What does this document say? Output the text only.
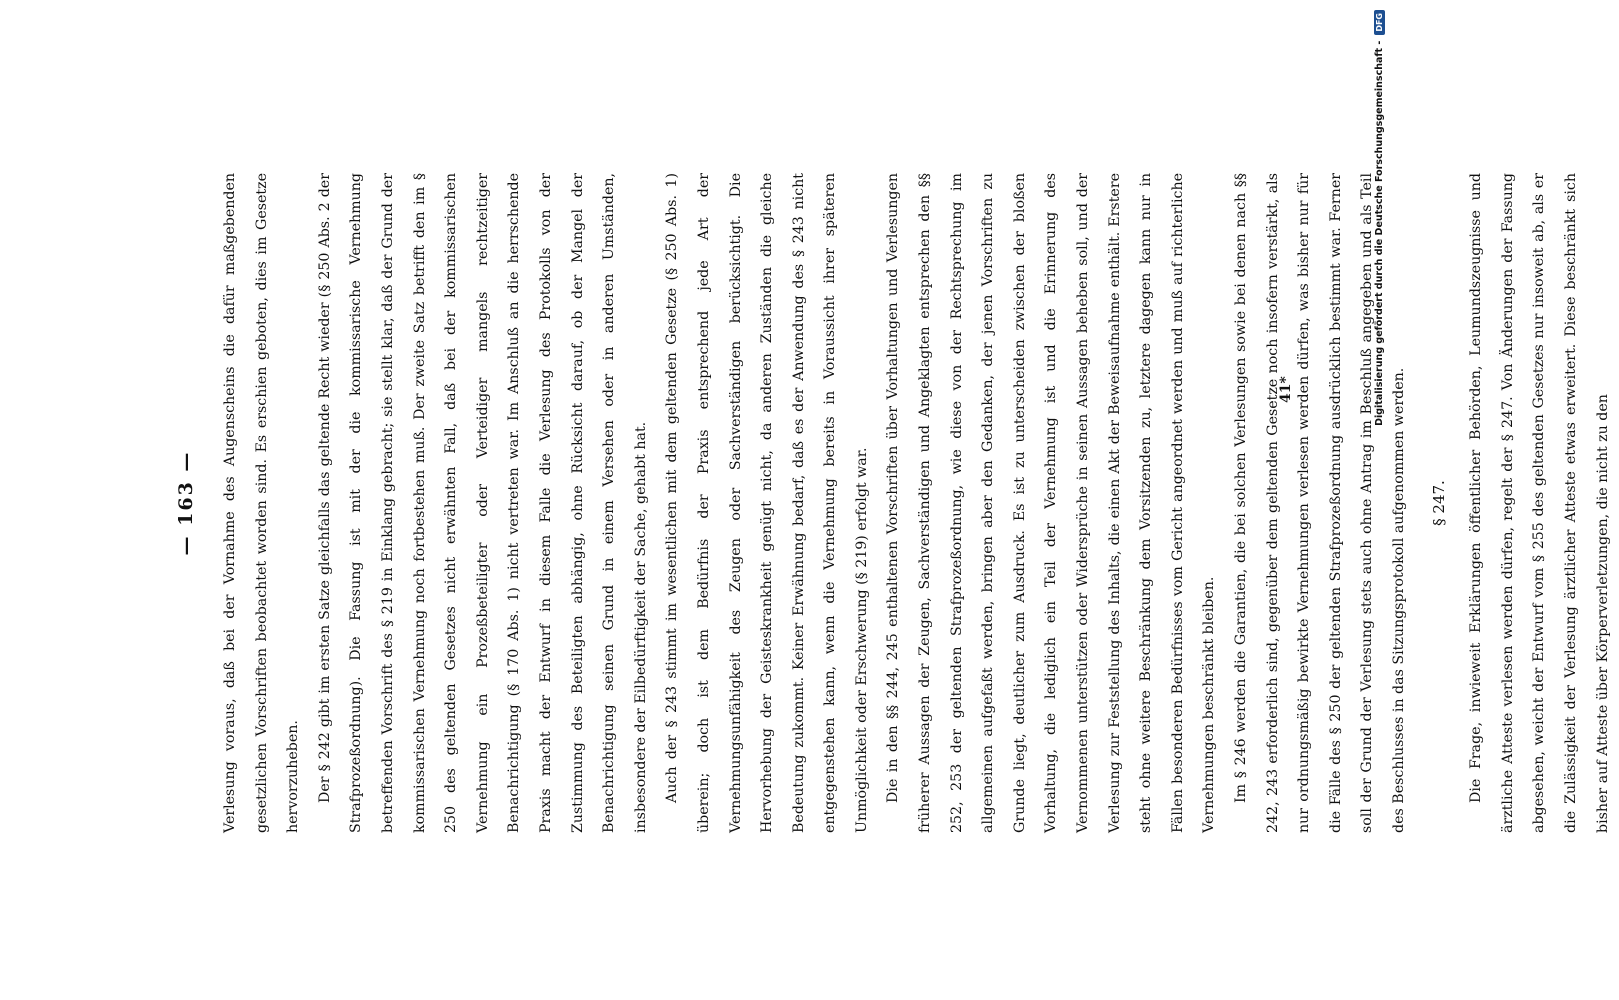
— 163 —	Verlesung voraus, daß bei der Vornahme des Augenscheins die dafür maßgebenden gesetzlichen Vorschriften beobachtet worden sind. Es erschien geboten, dies im Gesetze hervorzuheben.	Der § 242 gibt im ersten Satze gleichfalls das geltende Recht wieder (§ 250 Abs. 2 der Strafprozeßordnung). Die Fassung ist mit der die kommissarische Vernehmung betreffenden Vorschrift des § 219 in Einklang gebracht; sie stellt klar, daß der Grund der kommissarischen Vernehmung noch fortbestehen muß. Der zweite Satz betrifft den im § 250 des geltenden Gesetzes nicht erwähnten Fall, daß bei der kommissarischen Vernehmung ein Prozeßbeteiligter oder Verteidiger mangels rechtzeitiger Benachrichtigung (§ 170 Abs. 1) nicht vertreten war. Im Anschluß an die herrschende Praxis macht der Entwurf in diesem Falle die Verlesung des Protokolls von der Zustimmung des Beteiligten abhängig, ohne Rücksicht darauf, ob der Mangel der Benachrichtigung seinen Grund in einem Versehen oder in anderen Umständen, insbesondere der Eilbedürftigkeit der Sache, gehabt hat.	Auch der § 243 stimmt im wesentlichen mit dem geltenden Gesetze (§ 250 Abs. 1) überein; doch ist dem Bedürfnis der Praxis entsprechend jede Art der Vernehmungsunfähigkeit des Zeugen oder Sachverständigen berücksichtigt. Die Hervorhebung der Geisteskrankheit genügt nicht, da anderen Zuständen die gleiche Bedeutung zukommt. Keiner Erwähnung bedarf, daß es der Anwendung des § 243 nicht entgegenstehen kann, wenn die Vernehmung bereits in Voraussicht ihrer späteren Unmöglichkeit oder Erschwerung (§ 219) erfolgt war.	Die in den §§ 244, 245 enthaltenen Vorschriften über Vorhaltungen und Verlesungen früherer Aussagen der Zeugen, Sachverständigen und Angeklagten entsprechen den §§ 252, 253 der geltenden Strafprozeßordnung, wie diese von der Rechtsprechung im allgemeinen aufgefaßt werden, bringen aber den Gedanken, der jenen Vorschriften zu Grunde liegt, deutlicher zum Ausdruck. Es ist zu unterscheiden zwischen der bloßen Vorhaltung, die lediglich ein Teil der Vernehmung ist und die Erinnerung des Vernommenen unterstützen oder Widersprüche in seinen Aussagen beheben soll, und der Verlesung zur Feststellung des Inhalts, die einen Akt der Beweisaufnahme enthält. Erstere steht ohne weitere Beschränkung dem Vorsitzenden zu, letztere dagegen kann nur in Fällen besonderen Bedürfnisses vom Gericht angeordnet werden und muß auf richterliche Vernehmungen beschränkt bleiben.	Im § 246 werden die Garantien, die bei solchen Verlesungen sowie bei denen nach §§ 242, 243 erforderlich sind, gegenüber dem geltenden Gesetze noch insofern verstärkt, als nur ordnungsmäßig bewirkte Vernehmungen verlesen werden dürfen, was bisher nur für die Fälle des § 250 der geltenden Strafprozeßordnung ausdrücklich bestimmt war. Ferner soll der Grund der Verlesung stets auch ohne Antrag im Beschluß angegeben und als Teil des Beschlusses in das Sitzungsprotokoll aufgenommen werden.	§ 247.	Die Frage, inwieweit Erklärungen öffentlicher Behörden, Leumundszeugnisse und ärztliche Atteste verlesen werden dürfen, regelt der § 247. Von Änderungen der Fassung abgesehen, weicht der Entwurf vom § 255 des geltenden Gesetzes nur insoweit ab, als er die Zulässigkeit der Verlesung ärztlicher Atteste etwas erweitert. Diese beschränkt sich bisher auf Atteste über Körperverletzungen, die nicht zu den

41*	Digitalisierung gefördert durch die Deutsche Forschungsgemeinschaft -
DFG
